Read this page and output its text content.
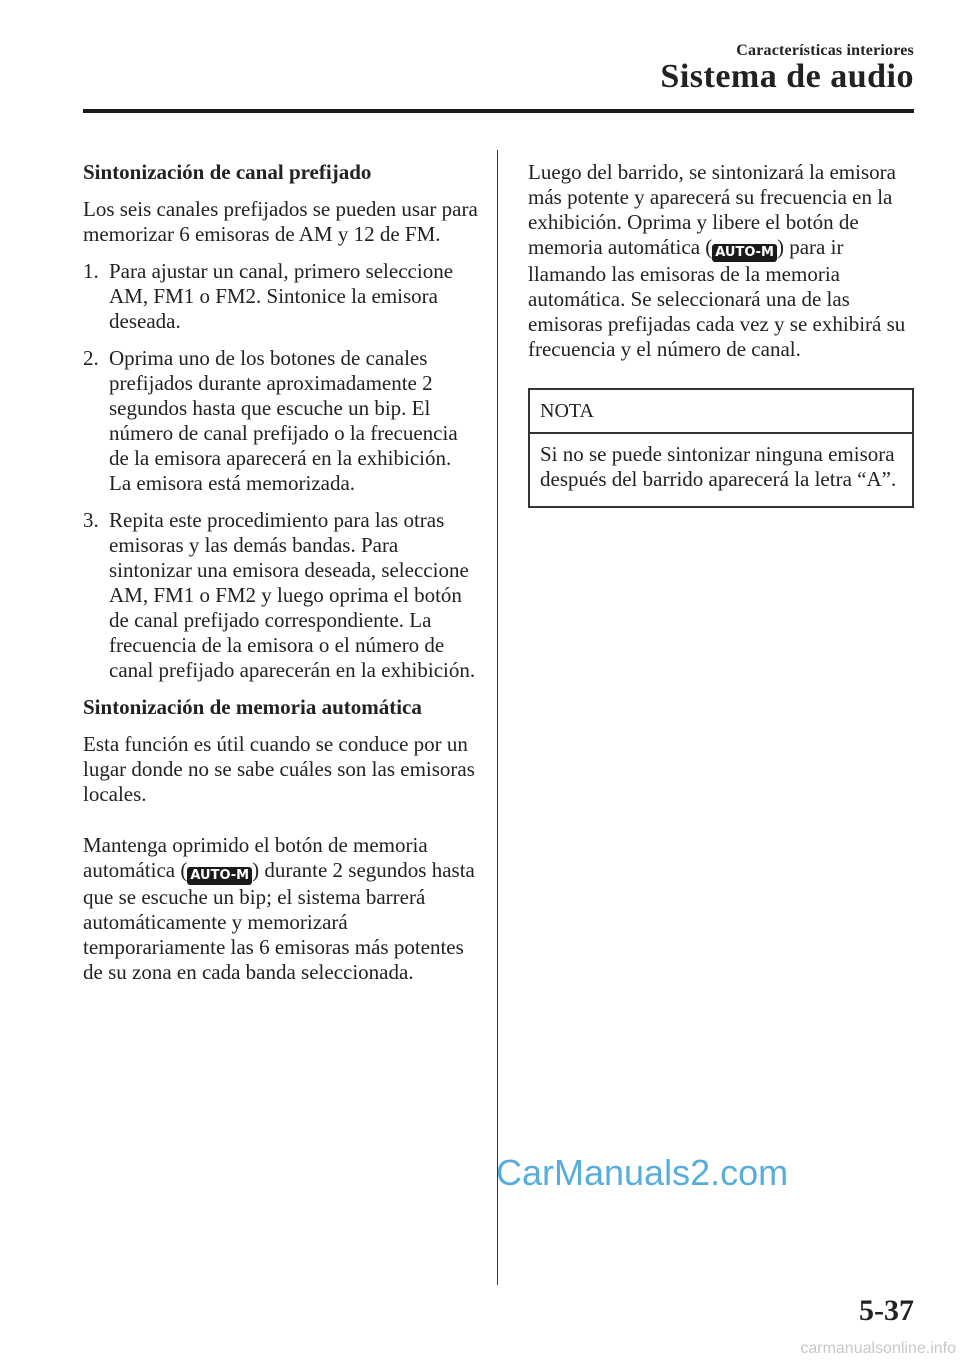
Características interiores
Sistema de audio
Sintonización de canal prefijado

Los seis canales prefijados se pueden usar para memorizar 6 emisoras de AM y 12 de FM.

1. Para ajustar un canal, primero seleccione AM, FM1 o FM2. Sintonice la emisora deseada.
2. Oprima uno de los botones de canales prefijados durante aproximadamente 2 segundos hasta que escuche un bip. El número de canal prefijado o la frecuencia de la emisora aparecerá en la exhibición. La emisora está memorizada.
3. Repita este procedimiento para las otras emisoras y las demás bandas. Para sintonizar una emisora deseada, seleccione AM, FM1 o FM2 y luego oprima el botón de canal prefijado correspondiente. La frecuencia de la emisora o el número de canal prefijado aparecerán en la exhibición.
Sintonización de memoria automática

Esta función es útil cuando se conduce por un lugar donde no se sabe cuáles son las emisoras locales.

Mantenga oprimido el botón de memoria automática ( AUTO-M ) durante 2 segundos hasta que se escuche un bip; el sistema barrerá automáticamente y memorizará temporariamente las 6 emisoras más potentes de su zona en cada banda seleccionada.

Luego del barrido, se sintonizará la emisora más potente y aparecerá su frecuencia en la exhibición. Oprima y libere el botón de memoria automática ( AUTO-M ) para ir llamando las emisoras de la memoria automática. Se seleccionará una de las emisoras prefijadas cada vez y se exhibirá su frecuencia y el número de canal.

NOTA
Si no se puede sintonizar ninguna emisora después del barrido aparecerá la letra “A”.
CarManuals2.com
5-37
carmanualsonline.info
